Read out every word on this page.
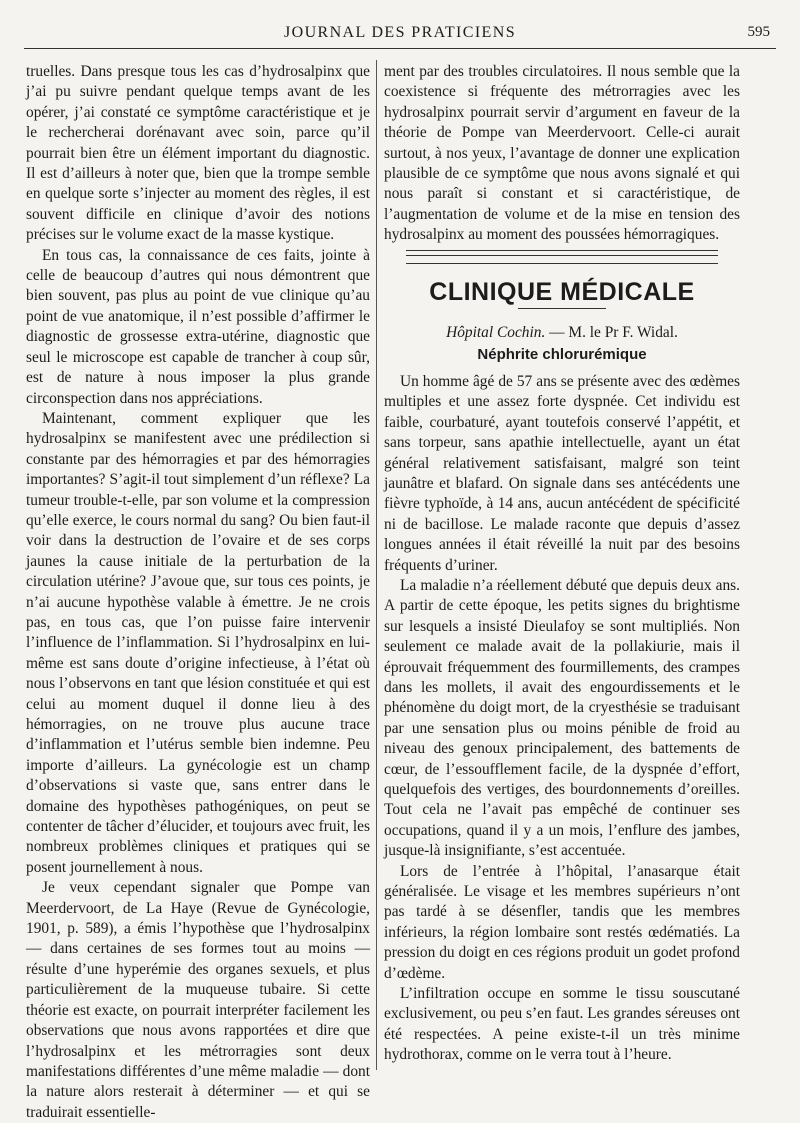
JOURNAL DES PRATICIENS	595

truelles. Dans presque tous les cas d’hydrosalpinx que j’ai pu suivre pendant quelque temps avant de les opérer, j’ai constaté ce symptôme caractéristique et je le rechercherai dorénavant avec soin, parce qu’il pourrait bien être un élément important du diagnostic. Il est d’ailleurs à noter que, bien que la trompe semble en quelque sorte s’injecter au moment des règles, il est souvent difficile en clinique d’avoir des notions précises sur le volume exact de la masse kystique.

En tous cas, la connaissance de ces faits, jointe à celle de beaucoup d’autres qui nous démontrent que bien souvent, pas plus au point de vue clinique qu’au point de vue anatomique, il n’est possible d’affirmer le diagnostic de grossesse extra-utérine, diagnostic que seul le microscope est capable de trancher à coup sûr, est de nature à nous imposer la plus grande circonspection dans nos appréciations.

Maintenant, comment expliquer que les hydrosalpinx se manifestent avec une prédilection si constante par des hémorragies et par des hémorragies importantes? S’agit-il tout simplement d’un réflexe? La tumeur trouble-t-elle, par son volume et la compression qu’elle exerce, le cours normal du sang? Ou bien faut-il voir dans la destruction de l’ovaire et de ses corps jaunes la cause initiale de la perturbation de la circulation utérine? J’avoue que, sur tous ces points, je n’ai aucune hypothèse valable à émettre. Je ne crois pas, en tous cas, que l’on puisse faire intervenir l’influence de l’inflammation. Si l’hydrosalpinx en lui-même est sans doute d’origine infectieuse, à l’état où nous l’observons en tant que lésion constituée et qui est celui au moment duquel il donne lieu à des hémorragies, on ne trouve plus aucune trace d’inflammation et l’utérus semble bien indemne. Peu importe d’ailleurs. La gynécologie est un champ d’observations si vaste que, sans entrer dans le domaine des hypothèses pathogéniques, on peut se contenter de tâcher d’élucider, et toujours avec fruit, les nombreux problèmes cliniques et pratiques qui se posent journellement à nous.

Je veux cependant signaler que Pompe van Meerdervoort, de La Haye (Revue de Gynécologie, 1901, p. 589), a émis l’hypothèse que l’hydrosalpinx — dans certaines de ses formes tout au moins — résulte d’une hyperémie des organes sexuels, et plus particulièrement de la muqueuse tubaire. Si cette théorie est exacte, on pourrait interpréter facilement les observations que nous avons rapportées et dire que l’hydrosalpinx et les métrorragies sont deux manifestations différentes d’une même maladie — dont la nature alors resterait à déterminer — et qui se traduirait essentielle-

ment par des troubles circulatoires. Il nous semble que la coexistence si fréquente des métrorragies avec les hydrosalpinx pourrait servir d’argument en faveur de la théorie de Pompe van Meerdervoort. Celle-ci aurait surtout, à nos yeux, l’avantage de donner une explication plausible de ce symptôme que nous avons signalé et qui nous paraît si constant et si caractéristique, de l’augmentation de volume et de la mise en tension des hydrosalpinx au moment des poussées hémorragiques.

CLINIQUE MÉDICALE

Hôpital Cochin. — M. le Pr F. Widal.

Néphrite chlorurémique

Un homme âgé de 57 ans se présente avec des œdèmes multiples et une assez forte dyspnée. Cet individu est faible, courbaturé, ayant toutefois conservé l’appétit, et sans torpeur, sans apathie intellectuelle, ayant un état général relativement satisfaisant, malgré son teint jaunâtre et blafard. On signale dans ses antécédents une fièvre typhoïde, à 14 ans, aucun antécédent de spécificité ni de bacillose. Le malade raconte que depuis d’assez longues années il était réveillé la nuit par des besoins fréquents d’uriner.

La maladie n’a réellement débuté que depuis deux ans. A partir de cette époque, les petits signes du brightisme sur lesquels a insisté Dieulafoy se sont multipliés. Non seulement ce malade avait de la pollakiurie, mais il éprouvait fréquemment des fourmillements, des crampes dans les mollets, il avait des engourdissements et le phénomène du doigt mort, de la cryesthésie se traduisant par une sensation plus ou moins pénible de froid au niveau des genoux principalement, des battements de cœur, de l’essoufflement facile, de la dyspnée d’effort, quelquefois des vertiges, des bourdonnements d’oreilles. Tout cela ne l’avait pas empêché de continuer ses occupations, quand il y a un mois, l’enflure des jambes, jusque-là insignifiante, s’est accentuée.

Lors de l’entrée à l’hôpital, l’anasarque était généralisée. Le visage et les membres supérieurs n’ont pas tardé à se désenfler, tandis que les membres inférieurs, la région lombaire sont restés œdématiés. La pression du doigt en ces régions produit un godet profond d’œdème.

L’infiltration occupe en somme le tissu souscutané exclusivement, ou peu s’en faut. Les grandes séreuses ont été respectées. A peine existe-t-il un très minime hydrothorax, comme on le verra tout à l’heure.
